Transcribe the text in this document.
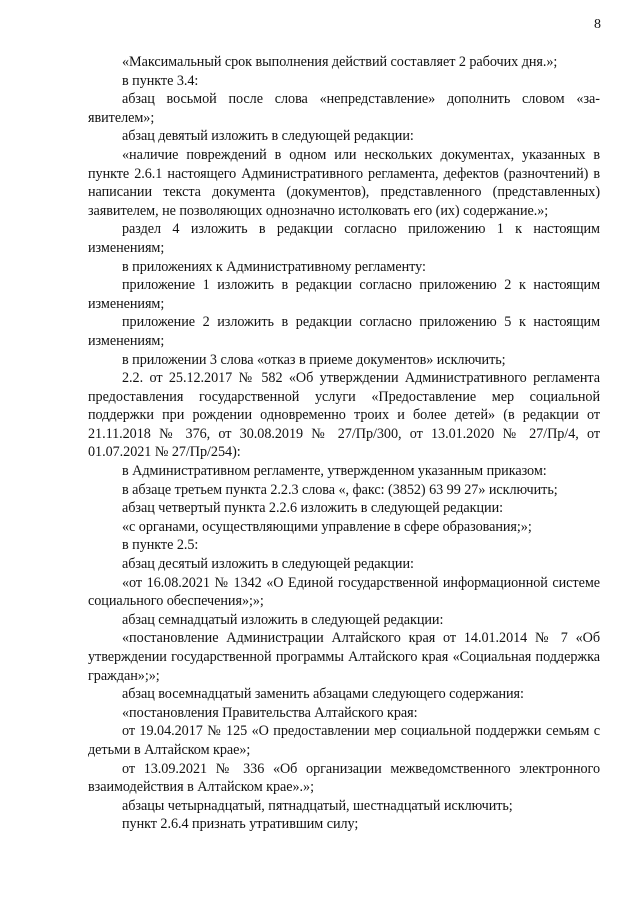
8

«Максимальный срок выполнения действий составляет 2 рабочих дня.»;

в пункте 3.4:

абзац восьмой после слова «непредставление» дополнить словом «заявителем»;

абзац девятый изложить в следующей редакции:

«наличие повреждений в одном или нескольких документах, указанных в пункте 2.6.1 настоящего Административного регламента, дефектов (разночтений) в написании текста документа (документов), представленного (представленных) заявителем, не позволяющих однозначно истолковать его (их) содержание.»;

раздел 4 изложить в редакции согласно приложению 1 к настоящим изменениям;

в приложениях к Административному регламенту:

приложение 1 изложить в редакции согласно приложению 2 к настоящим изменениям;

приложение 2 изложить в редакции согласно приложению 5 к настоящим изменениям;

в приложении 3 слова «отказ в приеме документов» исключить;

2.2. от 25.12.2017 № 582 «Об утверждении Административного регламента предоставления государственной услуги «Предоставление мер социальной поддержки при рождении одновременно троих и более детей» (в редакции от 21.11.2018 № 376, от 30.08.2019 № 27/Пр/300, от 13.01.2020 № 27/Пр/4, от 01.07.2021 № 27/Пр/254):

в Административном регламенте, утвержденном указанным приказом:

в абзаце третьем пункта 2.2.3 слова «, факс: (3852) 63 99 27» исключить;

абзац четвертый пункта 2.2.6 изложить в следующей редакции:

«с органами, осуществляющими управление в сфере образования;»;

в пункте 2.5:

абзац десятый изложить в следующей редакции:

«от 16.08.2021 № 1342 «О Единой государственной информационной системе социального обеспечения»;»;

абзац семнадцатый изложить в следующей редакции:

«постановление Администрации Алтайского края от 14.01.2014 № 7 «Об утверждении государственной программы Алтайского края «Социальная поддержка граждан»;»;

абзац восемнадцатый заменить абзацами следующего содержания:

«постановления Правительства Алтайского края:

от 19.04.2017 № 125 «О предоставлении мер социальной поддержки семьям с детьми в Алтайском крае»;

от 13.09.2021 № 336 «Об организации межведомственного электронного взаимодействия в Алтайском крае».»;

абзацы четырнадцатый, пятнадцатый, шестнадцатый исключить;

пункт 2.6.4 признать утратившим силу;
